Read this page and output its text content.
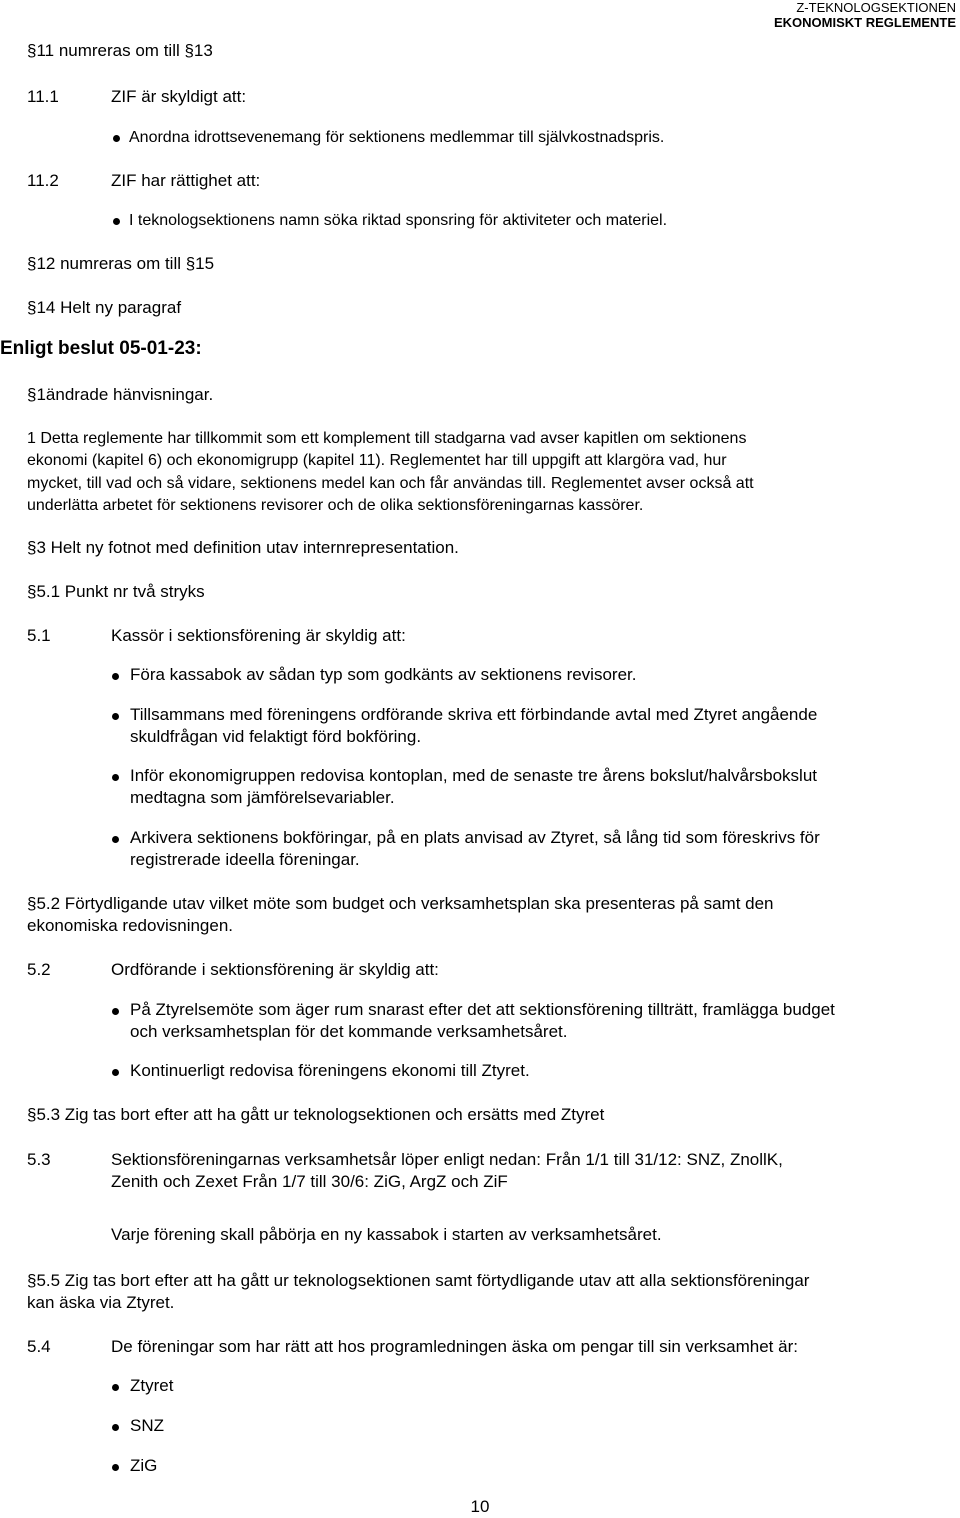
Z-TEKNOLOGSEKTIONEN
EKONOMISKT REGLEMENTE
§11 numreras om till §13
11.1	ZIF är skyldigt att:
Anordna idrottsevenemang för sektionens medlemmar till självkostnadspris.
11.2	ZIF har rättighet att:
I teknologsektionens namn söka riktad sponsring för aktiviteter och materiel.
§12 numreras om till §15
§14 Helt ny paragraf
Enligt beslut 05-01-23:
§1ändrade hänvisningar.
1 Detta reglemente har tillkommit som ett komplement till stadgarna vad avser kapitlen om sektionens
ekonomi (kapitel 6) och ekonomigrupp (kapitel 11). Reglementet har till uppgift att klargöra vad, hur
mycket, till vad och så vidare, sektionens medel kan och får användas till. Reglementet avser också att
underlätta arbetet för sektionens revisorer och de olika sektionsföreningarnas kassörer.
§3 Helt ny fotnot med definition utav internrepresentation.
§5.1 Punkt nr två stryks
5.1	Kassör i sektionsförening är skyldig att:
Föra kassabok av sådan typ som godkänts av sektionens revisorer.
Tillsammans med föreningens ordförande skriva ett förbindande avtal med Ztyret angående
skuldfrågan vid felaktigt förd bokföring.
Inför ekonomigruppen redovisa kontoplan, med de senaste tre årens bokslut/halvårsbokslut
medtagna som jämförelsevariabler.
Arkivera sektionens bokföringar, på en plats anvisad av Ztyret, så lång tid som föreskrivs för
registrerade ideella föreningar.
§5.2 Förtydligande utav vilket möte som budget och verksamhetsplan ska presenteras på samt den
ekonomiska redovisningen.
5.2	Ordförande i sektionsförening är skyldig att:
På Ztyrelsemöte som äger rum snarast efter det att sektionsförening tillträtt, framlägga budget
och verksamhetsplan för det kommande verksamhetsåret.
Kontinuerligt redovisa föreningens ekonomi till Ztyret.
§5.3 Zig tas bort efter att ha gått ur teknologsektionen och ersätts med Ztyret
5.3	Sektionsföreningarnas verksamhetsår löper enligt nedan: Från 1/1 till 31/12: SNZ, ZnollK,
Zenith och Zexet Från 1/7 till 30/6: ZiG, ArgZ och ZiF
Varje förening skall påbörja en ny kassabok i starten av verksamhetsåret.
§5.5 Zig tas bort efter att ha gått ur teknologsektionen samt förtydligande utav att alla sektionsföreningar
kan äska via Ztyret.
5.4	De föreningar som har rätt att hos programledningen äska om pengar till sin verksamhet är:
Ztyret
SNZ
ZiG
10
